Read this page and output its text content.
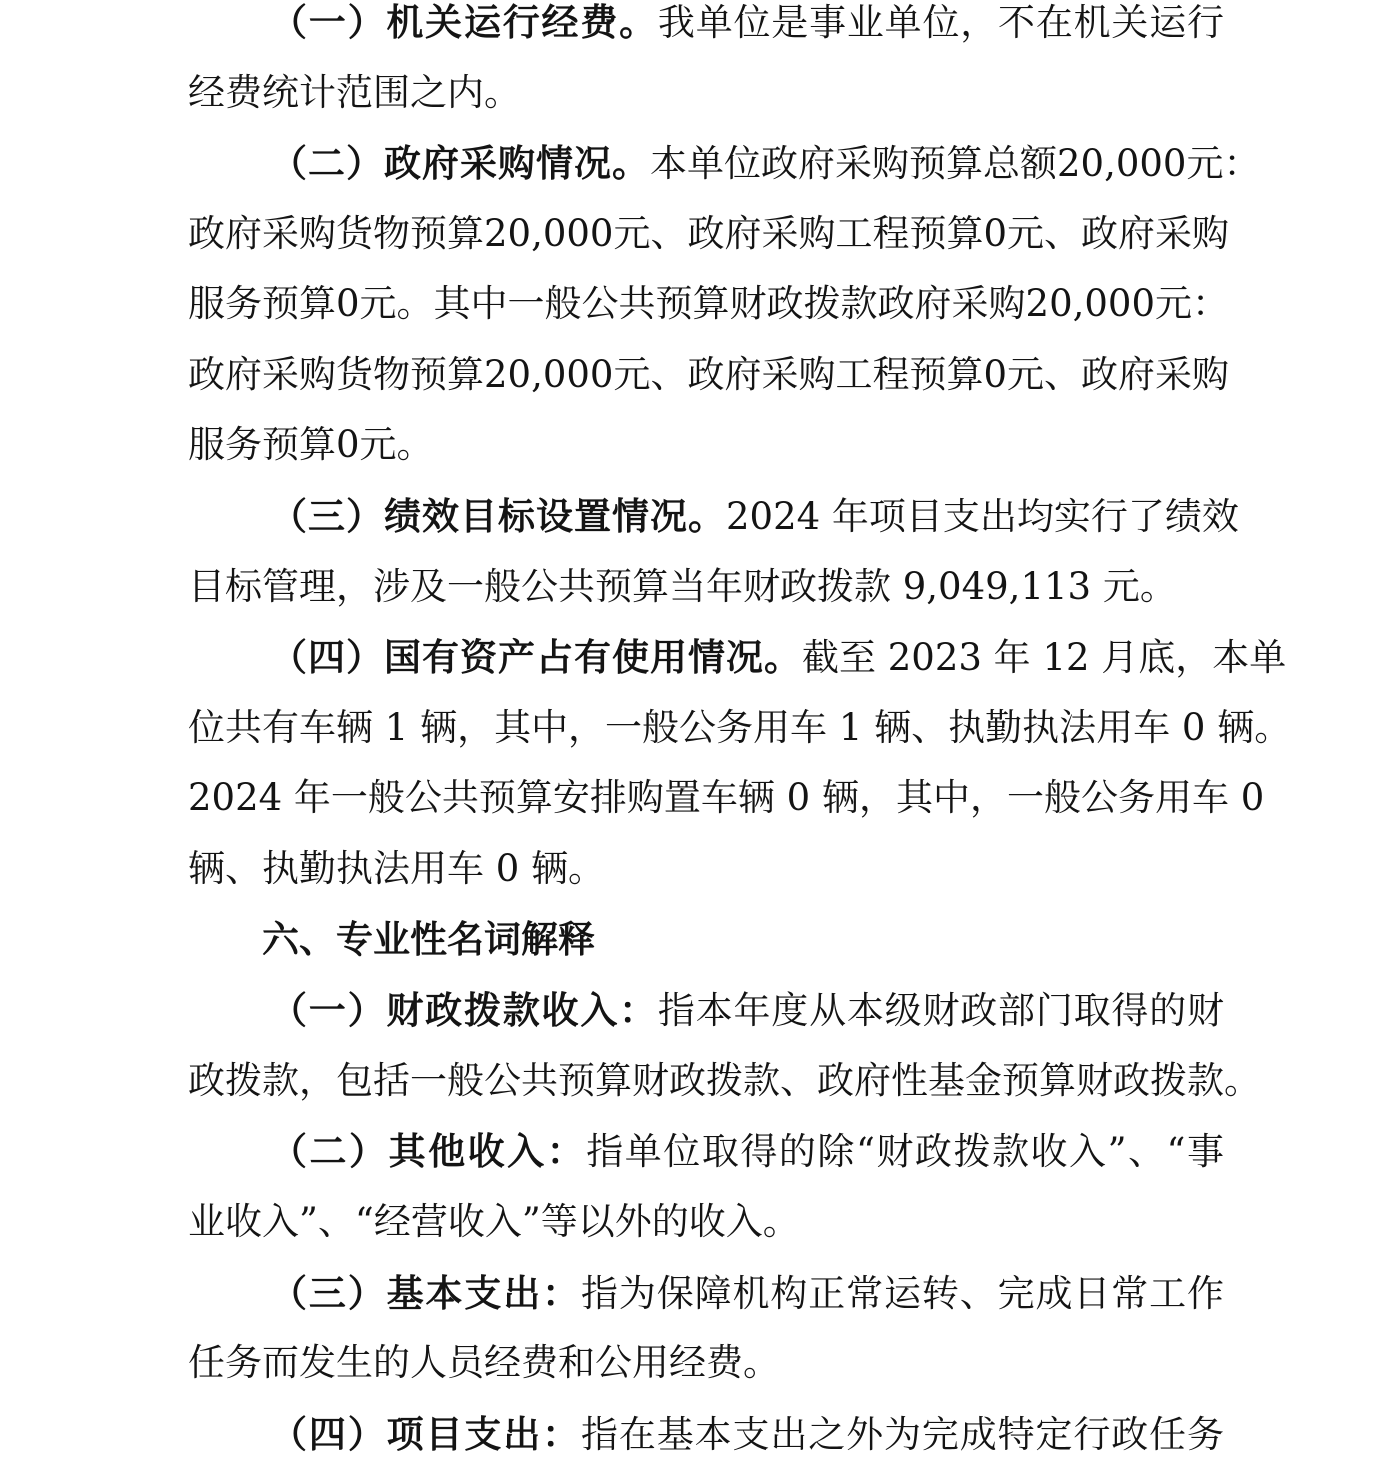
（一）机关运行经费。我单位是事业单位，不在机关运行
经费统计范围之内。
（二）政府采购情况。本单位政府采购预算总额20,000元：
政府采购货物预算20,000元、政府采购工程预算0元、政府采购
服务预算0元。其中一般公共预算财政拨款政府采购20,000元：
政府采购货物预算20,000元、政府采购工程预算0元、政府采购
服务预算0元。
（三）绩效目标设置情况。2024 年项目支出均实行了绩效
目标管理，涉及一般公共预算当年财政拨款 9,049,113 元。
（四）国有资产占有使用情况。截至 2023 年 12 月底，本单
位共有车辆 1 辆，其中，一般公务用车 1 辆、执勤执法用车 0 辆。
2024 年一般公共预算安排购置车辆 0 辆，其中，一般公务用车 0
辆、执勤执法用车 0 辆。
六、专业性名词解释
（一）财政拨款收入：指本年度从本级财政部门取得的财
政拨款，包括一般公共预算财政拨款、政府性基金预算财政拨款。
（二）其他收入：指单位取得的除“财政拨款收入”、“事
业收入”、“经营收入”等以外的收入。
（三）基本支出：指为保障机构正常运转、完成日常工作
任务而发生的人员经费和公用经费。
（四）项目支出：指在基本支出之外为完成特定行政任务
